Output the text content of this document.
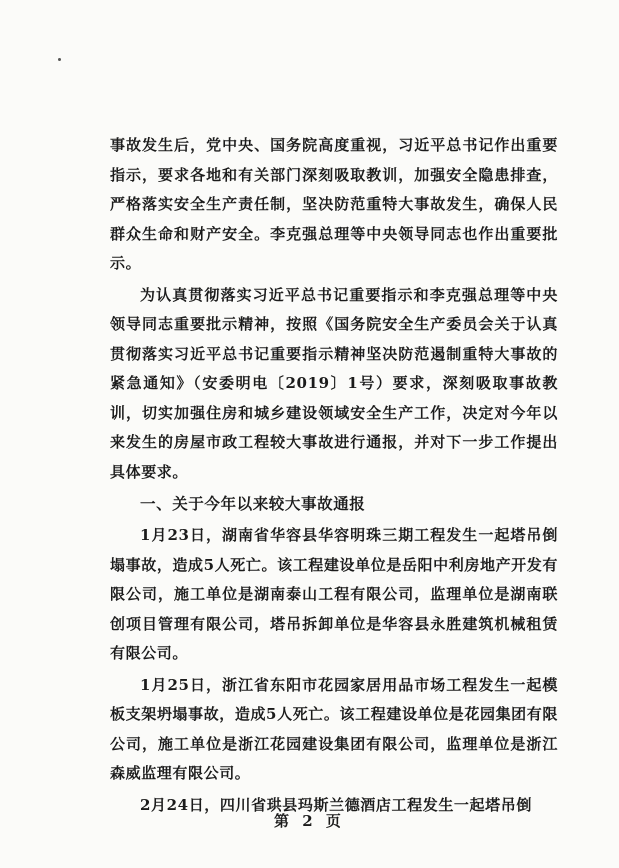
事故发生后，党中央、国务院高度重视，习近平总书记作出重要指示，要求各地和有关部门深刻吸取教训，加强安全隐患排查，严格落实安全生产责任制，坚决防范重特大事故发生，确保人民群众生命和财产安全。李克强总理等中央领导同志也作出重要批示。

为认真贯彻落实习近平总书记重要指示和李克强总理等中央领导同志重要批示精神，按照《国务院安全生产委员会关于认真贯彻落实习近平总书记重要指示精神坚决防范遏制重特大事故的紧急通知》（安委明电〔2019〕1号）要求，深刻吸取事故教训，切实加强住房和城乡建设领域安全生产工作，决定对今年以来发生的房屋市政工程较大事故进行通报，并对下一步工作提出具体要求。

一、关于今年以来较大事故通报

1月23日，湖南省华容县华容明珠三期工程发生一起塔吊倒塌事故，造成5人死亡。该工程建设单位是岳阳中利房地产开发有限公司，施工单位是湖南泰山工程有限公司，监理单位是湖南联创项目管理有限公司，塔吊拆卸单位是华容县永胜建筑机械租赁有限公司。

1月25日，浙江省东阳市花园家居用品市场工程发生一起模板支架坍塌事故，造成5人死亡。该工程建设单位是花园集团有限公司，施工单位是浙江花园建设集团有限公司，监理单位是浙江森威监理有限公司。

2月24日，四川省珙县玛斯兰德酒店工程发生一起塔吊倒

第 2 页
